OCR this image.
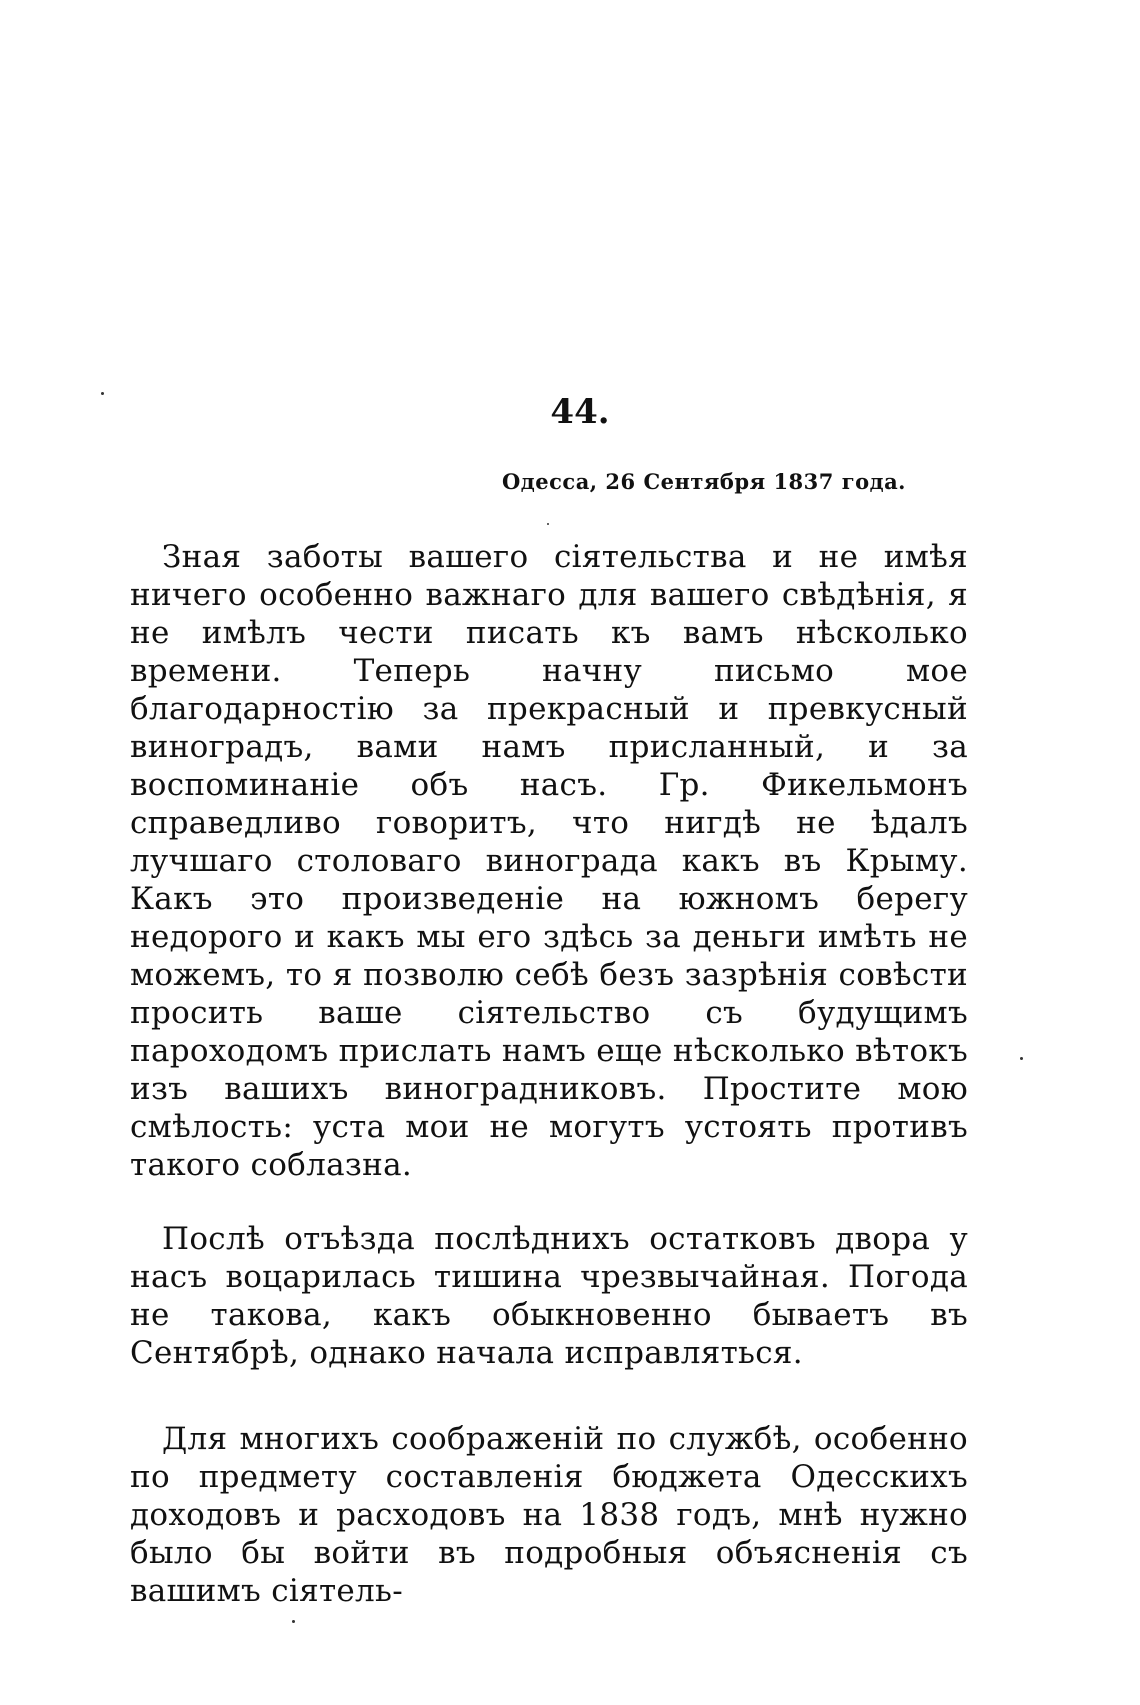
44.
Одесса, 26 Сентября 1837 года.

Зная заботы вашего сіятельства и не имѣя ничего особенно важнаго для вашего свѣдѣнія, я не имѣлъ чести писать къ вамъ нѣсколько времени. Теперь начну письмо мое благодарностію за прекрасный и превкусный виноградъ, вами намъ присланный, и за воспоминаніе объ насъ. Гр. Фикельмонъ справедливо говоритъ, что нигдѣ не ѣдалъ лучшаго столоваго винограда какъ въ Крыму. Какъ это произведеніе на южномъ берегу недорого и какъ мы его здѣсь за деньги имѣть не можемъ, то я позволю себѣ безъ зазрѣнія совѣсти просить ваше сіятельство съ будущимъ пароходомъ прислать намъ еще нѣсколько вѣтокъ изъ вашихъ виноградниковъ. Простите мою смѣлость: уста мои не могутъ устоять противъ такого соблазна.

Послѣ отъѣзда послѣднихъ остатковъ двора у насъ воцарилась тишина чрезвычайная. Погода не такова, какъ обыкновенно бываетъ въ Сентябрѣ, однако начала исправляться.

Для многихъ соображеній по службѣ, особенно по предмету составленія бюджета Одесскихъ доходовъ и расходовъ на 1838 годъ, мнѣ нужно было бы войти въ подробныя объясненія съ вашимъ сіятель-
